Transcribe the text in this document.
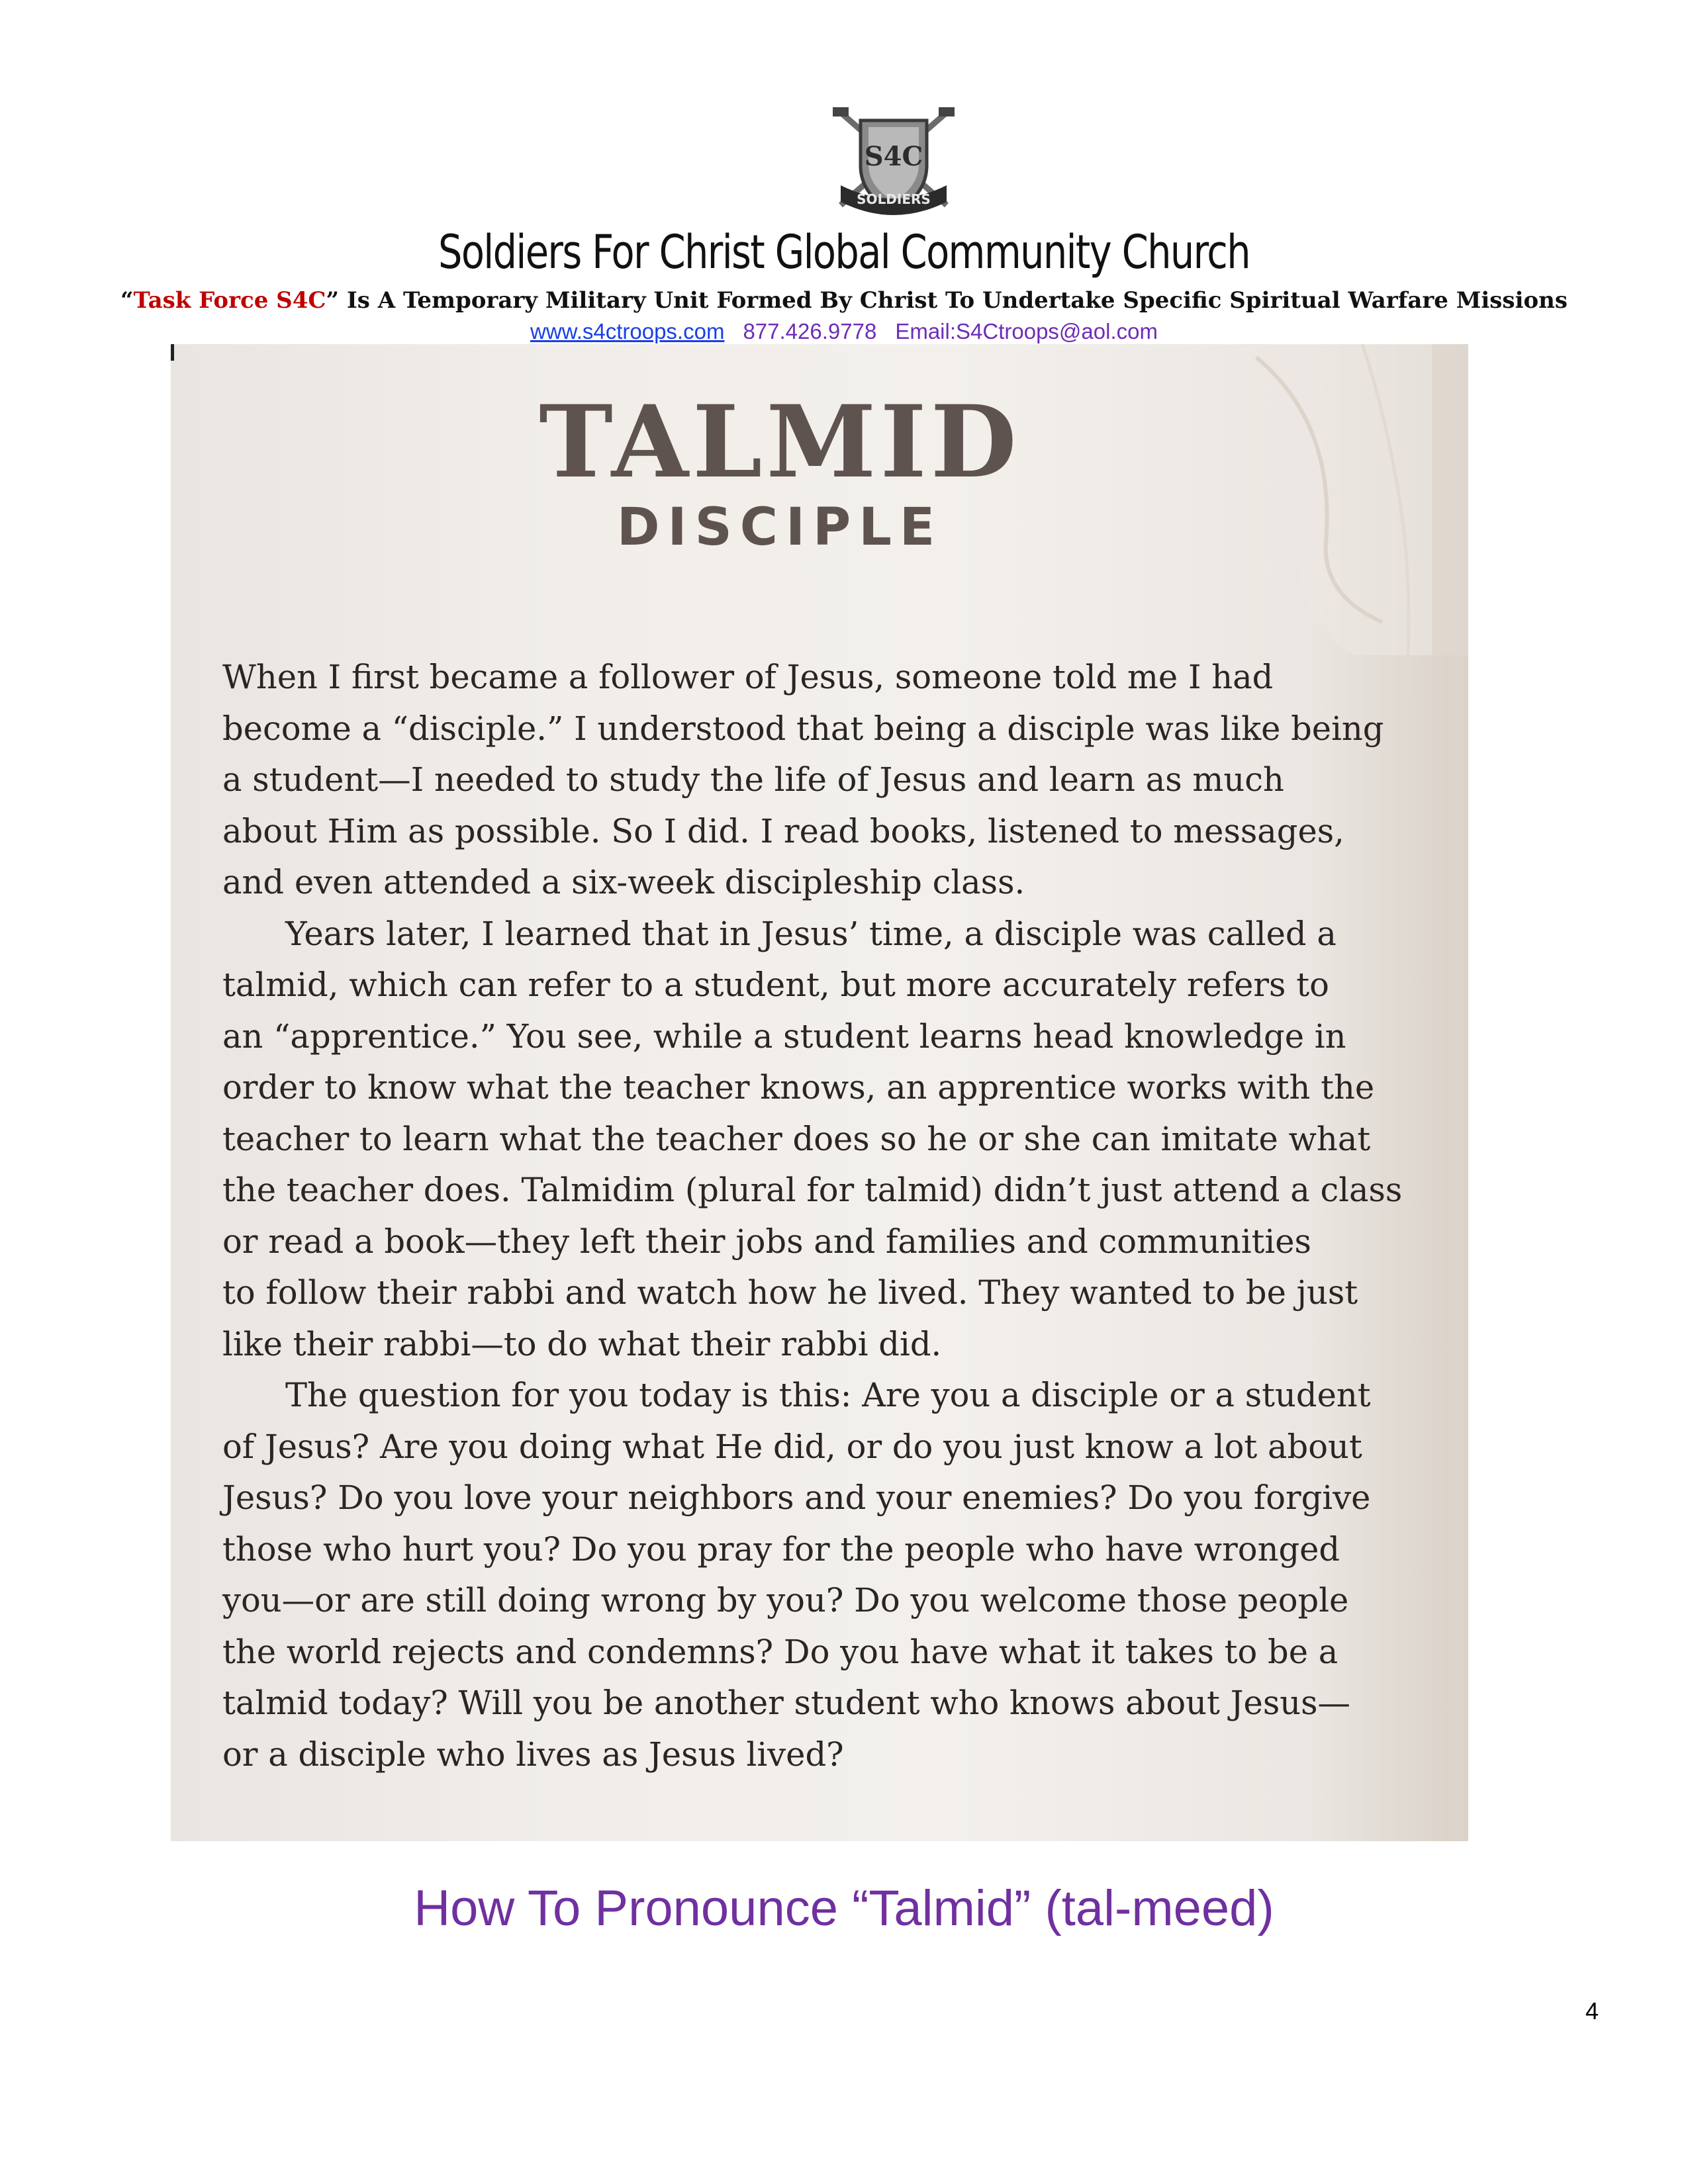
S4C
SOLDIERS
Soldiers For Christ Global Community Church
“Task Force S4C” Is A Temporary Military Unit Formed By Christ To Undertake Specific Spiritual Warfare Missions
www.s4ctroops.com 877.426.9778 Email:S4Ctroops@aol.com
TALMID
DISCIPLE

When I first became a follower of Jesus, someone told me I had
become a “disciple.” I understood that being a disciple was like being
a student—I needed to study the life of Jesus and learn as much
about Him as possible. So I did. I read books, listened to messages,
and even attended a six-week discipleship class.

Years later, I learned that in Jesus’ time, a disciple was called a
talmid, which can refer to a student, but more accurately refers to
an “apprentice.” You see, while a student learns head knowledge in
order to know what the teacher knows, an apprentice works with the
teacher to learn what the teacher does so he or she can imitate what
the teacher does. Talmidim (plural for talmid) didn’t just attend a class
or read a book—they left their jobs and families and communities
to follow their rabbi and watch how he lived. They wanted to be just
like their rabbi—to do what their rabbi did.

The question for you today is this: Are you a disciple or a student
of Jesus? Are you doing what He did, or do you just know a lot about
Jesus? Do you love your neighbors and your enemies? Do you forgive
those who hurt you? Do you pray for the people who have wronged
you—or are still doing wrong by you? Do you welcome those people
the world rejects and condemns? Do you have what it takes to be a
talmid today? Will you be another student who knows about Jesus—
or a disciple who lives as Jesus lived?

How To Pronounce “Talmid” (tal-meed)
4
